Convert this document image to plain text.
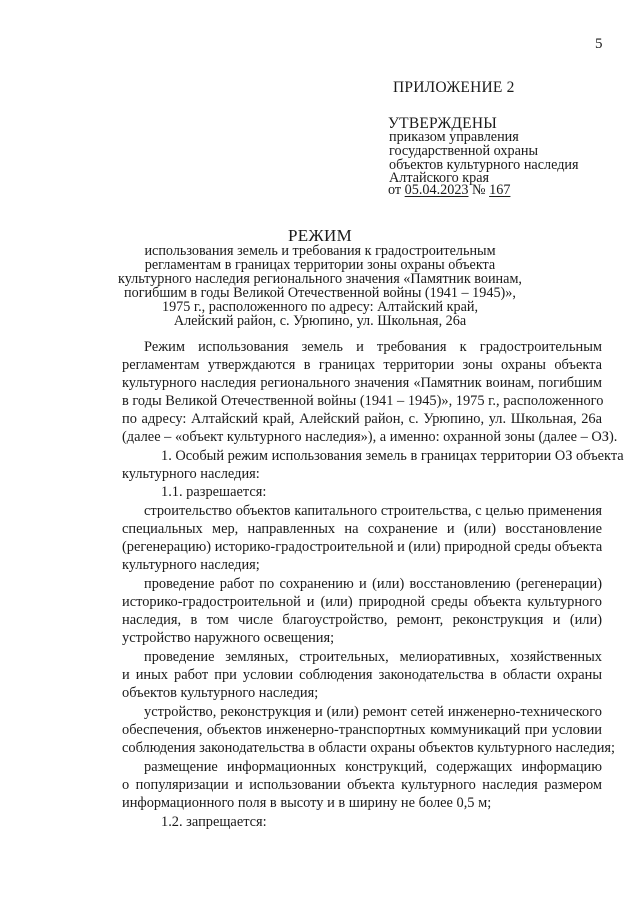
5
ПРИЛОЖЕНИЕ 2
УТВЕРЖДЕНЫ
приказом управления
государственной охраны
объектов культурного наследия
Алтайского края
от 05.04.2023 № 167
РЕЖИМ
использования земель и требования к градостроительным
регламентам в границах территории зоны охраны объекта
культурного наследия регионального значения «Памятник воинам,
погибшим в годы Великой Отечественной войны (1941 – 1945)»,
1975 г., расположенного по адресу: Алтайский край,
Алейский район, с. Урюпино, ул. Школьная, 26а
Режим использования земель и требования к градостроительным
регламентам утверждаются в границах территории зоны охраны объекта
культурного наследия регионального значения «Памятник воинам, погибшим
в годы Великой Отечественной войны (1941 – 1945)», 1975 г., расположенного
по адресу: Алтайский край, Алейский район, с. Урюпино, ул. Школьная, 26а
(далее – «объект культурного наследия»), а именно: охранной зоны (далее – ОЗ).
1. Особый режим использования земель в границах территории ОЗ объекта
культурного наследия:
1.1. разрешается:
строительство объектов капитального строительства, с целью применения
специальных мер, направленных на сохранение и (или) восстановление
(регенерацию) историко-градостроительной и (или) природной среды объекта
культурного наследия;
проведение работ по сохранению и (или) восстановлению (регенерации)
историко-градостроительной и (или) природной среды объекта культурного
наследия, в том числе благоустройство, ремонт, реконструкция и (или)
устройство наружного освещения;
проведение земляных, строительных, мелиоративных, хозяйственных
и иных работ при условии соблюдения законодательства в области охраны
объектов культурного наследия;
устройство, реконструкция и (или) ремонт сетей инженерно-технического
обеспечения, объектов инженерно-транспортных коммуникаций при условии
соблюдения законодательства в области охраны объектов культурного наследия;
размещение информационных конструкций, содержащих информацию
о популяризации и использовании объекта культурного наследия размером
информационного поля в высоту и в ширину не более 0,5 м;
1.2. запрещается:
